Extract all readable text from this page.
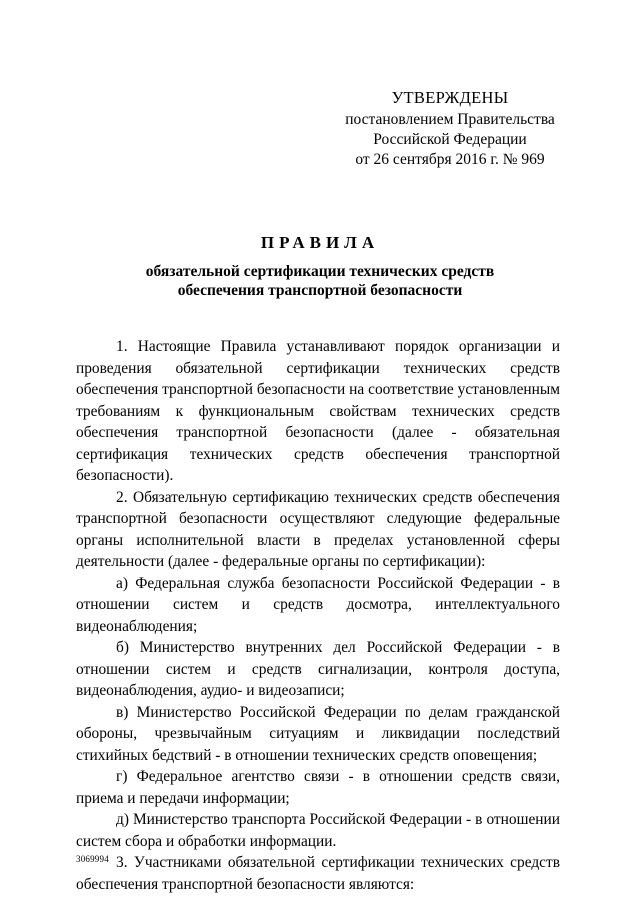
УТВЕРЖДЕНЫ
постановлением Правительства
Российской Федерации
от 26 сентября 2016 г. № 969
ПРАВИЛА
обязательной сертификации технических средств
обеспечения транспортной безопасности

1. Настоящие Правила устанавливают порядок организации и проведения обязательной сертификации технических средств обеспечения транспортной безопасности на соответствие установленным требованиям к функциональным свойствам технических средств обеспечения транспортной безопасности (далее - обязательная сертификация технических средств обеспечения транспортной безопасности).

2. Обязательную сертификацию технических средств обеспечения транспортной безопасности осуществляют следующие федеральные органы исполнительной власти в пределах установленной сферы деятельности (далее - федеральные органы по сертификации):

а) Федеральная служба безопасности Российской Федерации - в отношении систем и средств досмотра, интеллектуального видеонаблюдения;

б) Министерство внутренних дел Российской Федерации - в отношении систем и средств сигнализации, контроля доступа, видеонаблюдения, аудио- и видеозаписи;

в) Министерство Российской Федерации по делам гражданской обороны, чрезвычайным ситуациям и ликвидации последствий стихийных бедствий - в отношении технических средств оповещения;

г) Федеральное агентство связи - в отношении средств связи, приема и передачи информации;

д) Министерство транспорта Российской Федерации - в отношении систем сбора и обработки информации.

3. Участниками обязательной сертификации технических средств обеспечения транспортной безопасности являются:

3069994
